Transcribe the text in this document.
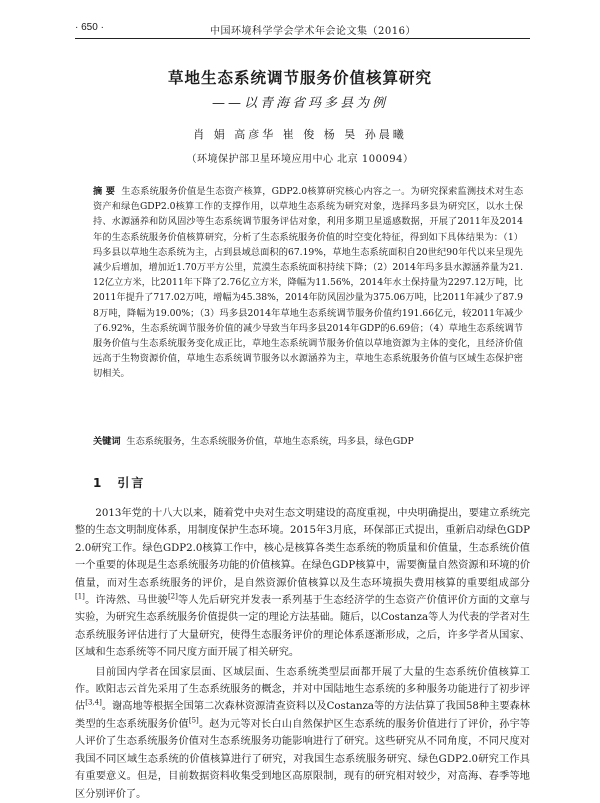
· 650 ·	中国环境科学学会学术年会论文集（2016）
草地生态系统调节服务价值核算研究
——以青海省玛多县为例
肖 娟 高彦华 崔 俊 杨 昊 孙晨曦
（环境保护部卫星环境应用中心 北京 100094）
摘 要 生态系统服务价值是生态资产核算，GDP2.0核算研究核心内容之一。为研究探索监测技术对生态资产和绿色GDP2.0核算工作的支撑作用，以草地生态系统为研究对象，选择玛多县为研究区，以水土保持、水源涵养和防风固沙等生态系统调节服务评估对象，利用多期卫星遥感数据，开展了2011年及2014年的生态系统服务价值核算研究，分析了生态系统服务价值的时空变化特征，得到如下具体结果为：（1）玛多县以草地生态系统为主，占到县域总面积的67.19%，草地生态系统面积自20世纪90年代以来呈现先减少后增加，增加近1.70万平方公里，荒漠生态系统面积持续下降；（2）2014年玛多县水源涵养量为21.12亿立方米，比2011年下降了2.76亿立方米，降幅为11.56%，2014年水土保持量为2297.12万吨，比2011年提升了717.02万吨，增幅为45.38%，2014年防风固沙量为375.06万吨，比2011年减少了87.98万吨，降幅为19.00%；（3）玛多县2014年草地生态系统调节服务价值约191.66亿元，较2011年减少了6.92%，生态系统调节服务价值的减少导致当年玛多县2014年GDP的6.69倍；（4）草地生态系统调节服务价值与生态系统服务变化成正比，草地生态系统调节服务价值以草地资源为主体的变化，且经济价值远高于生物资源价值，草地生态系统调节服务以水源涵养为主，草地生态系统服务价值与区域生态保护密切相关。
关键词 生态系统服务，生态系统服务价值，草地生态系统，玛多县，绿色GDP
1 引言

2013年党的十八大以来，随着党中央对生态文明建设的高度重视，中央明确提出，要建立系统完整的生态文明制度体系，用制度保护生态环境。2015年3月底，环保部正式提出，重新启动绿色GDP2.0研究工作。绿色GDP2.0核算工作中，核心是核算各类生态系统的物质量和价值量，生态系统价值一个重要的体现是生态系统服务功能的价值核算。在绿色GDP核算中，需要衡量自然资源和环境的价值量，而对生态系统服务的评价，是自然资源价值核算以及生态环境损失费用核算的重要组成部分[1]。许涛然、马世骏[2]等人先后研究并发表一系列基于生态经济学的生态资产价值评价方面的文章与实验，为研究生态系统服务价值提供一定的理论方法基础。随后，以Costanza等人为代表的学者对生态系统服务评估进行了大量研究，使得生态服务评价的理论体系逐渐形成，之后，许多学者从国家、区域和生态系统等不同尺度方面开展了相关研究。

目前国内学者在国家层面、区域层面、生态系统类型层面都开展了大量的生态系统价值核算工作。欧阳志云首先采用了生态系统服务的概念，并对中国陆地生态系统的多种服务功能进行了初步评估[3,4]。谢高地等根据全国第二次森林资源清查资料以及Costanza等的方法估算了我国58种主要森林类型的生态系统服务价值[5]。赵为元等对长白山自然保护区生态系统的服务价值进行了评价，孙宇等人评价了生态系统服务价值对生态系统服务功能影响进行了研究。这些研究从不同角度，不同尺度对我国不同区域生态系统的价值核算进行了研究，对我国生态系统服务研究、绿色GDP2.0研究工作具有重要意义。但是，目前数据资料收集受到地区高原限制，现有的研究相对较少，对高海、春季等地区分别评价了。
